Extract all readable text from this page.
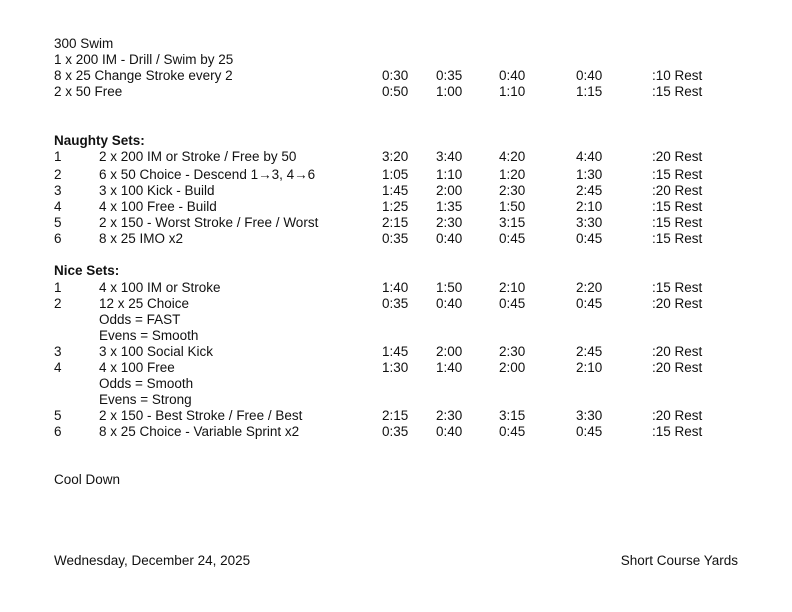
300 Swim
1 x 200 IM - Drill / Swim by 25
8 x 25 Change Stroke every 2	0:30 0:35	0:40	0:40	:10 Rest
2 x 50 Free	0:50 1:00	1:10	1:15	:15 Rest
Naughty Sets:
1	2 x 200 IM or Stroke / Free by 50	3:20 3:40	4:20	4:40	:20 Rest
2	6 x 50 Choice - Descend 1→3, 4→6	1:05 1:10	1:20	1:30	:15 Rest
3	3 x 100 Kick - Build	1:45 2:00	2:30	2:45	:20 Rest
4	4 x 100 Free - Build	1:25 1:35	1:50	2:10	:15 Rest
5	2 x 150 - Worst Stroke / Free / Worst	2:15 2:30	3:15	3:30	:15 Rest
6	8 x 25 IMO x2	0:35 0:40	0:45	0:45	:15 Rest
Nice Sets:
1	4 x 100 IM or Stroke	1:40 1:50	2:10	2:20	:15 Rest
2	12 x 25 Choice	0:35 0:40	0:45	0:45	:20 Rest
Odds = FAST
Evens = Smooth
3	3 x 100 Social Kick	1:45 2:00	2:30	2:45	:20 Rest
4	4 x 100 Free	1:30 1:40	2:00	2:10	:20 Rest
Odds = Smooth
Evens = Strong
5	2 x 150 - Best Stroke / Free / Best	2:15 2:30	3:15	3:30	:20 Rest
6	8 x 25 Choice - Variable Sprint x2	0:35 0:40	0:45	0:45	:15 Rest
Cool Down
Wednesday, December 24, 2025	Short Course Yards
